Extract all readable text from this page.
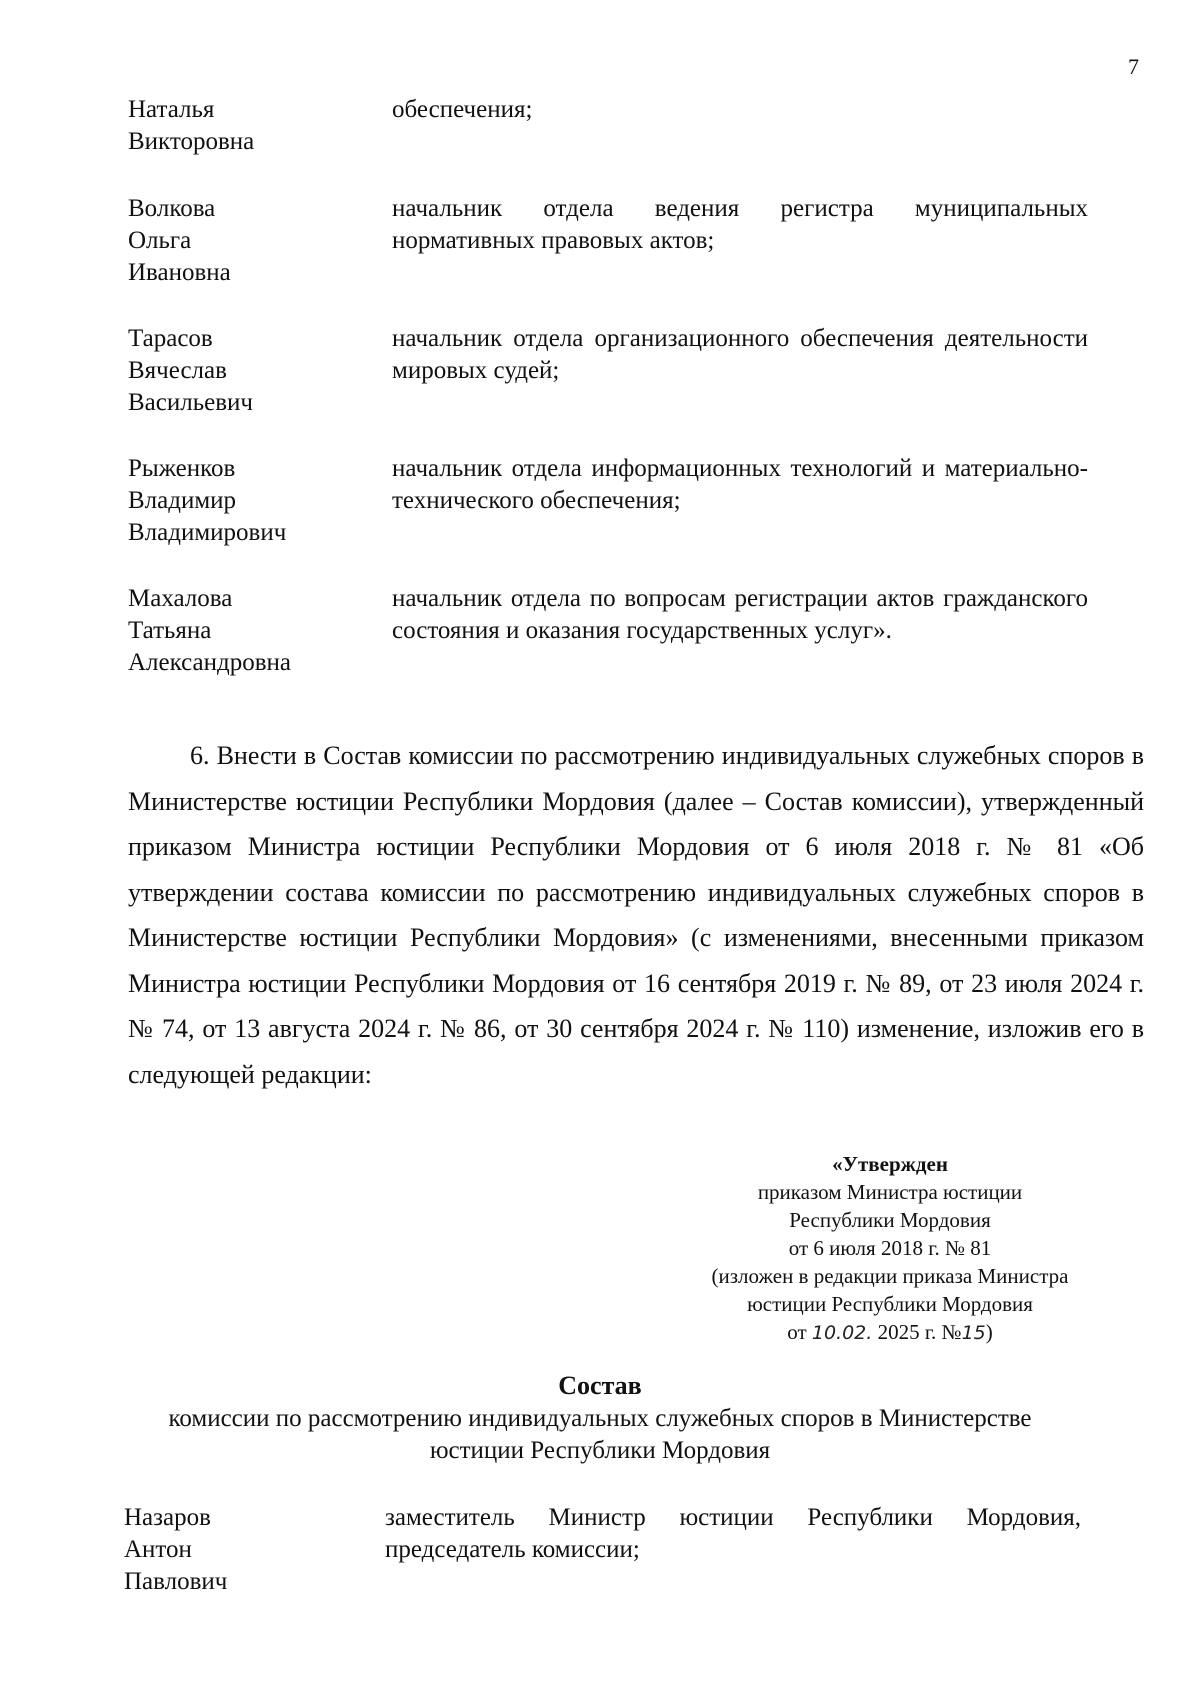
7
Наталья
Викторовна
обеспечения;
Волкова
Ольга
Ивановна
начальник отдела ведения регистра муниципальных нормативных правовых актов;
Тарасов
Вячеслав
Васильевич
начальник отдела организационного обеспечения деятельности мировых судей;
Рыженков
Владимир
Владимирович
начальник отдела информационных технологий и материально-технического обеспечения;
Махалова
Татьяна
Александровна
начальник отдела по вопросам регистрации актов гражданского состояния и оказания государственных услуг».

6. Внести в Состав комиссии по рассмотрению индивидуальных служебных споров в Министерстве юстиции Республики Мордовия (далее – Состав комиссии), утвержденный приказом Министра юстиции Республики Мордовия от 6 июля 2018 г. № 81 «Об утверждении состава комиссии по рассмотрению индивидуальных служебных споров в Министерстве юстиции Республики Мордовия» (с изменениями, внесенными приказом Министра юстиции Республики Мордовия от 16 сентября 2019 г. № 89, от 23 июля 2024 г. № 74, от 13 августа 2024 г. № 86, от 30 сентября 2024 г. № 110) изменение, изложив его в следующей редакции:

«Утвержден
приказом Министра юстиции
Республики Мордовия
от 6 июля 2018 г. № 81
(изложен в редакции приказа Министра
юстиции Республики Мордовия
от 10.02. 2025 г. №15)
Состав
комиссии по рассмотрению индивидуальных служебных споров в Министерстве
юстиции Республики Мордовия
Назаров
Антон
Павлович
заместитель Министр юстиции Республики Мордовия, председатель комиссии;
